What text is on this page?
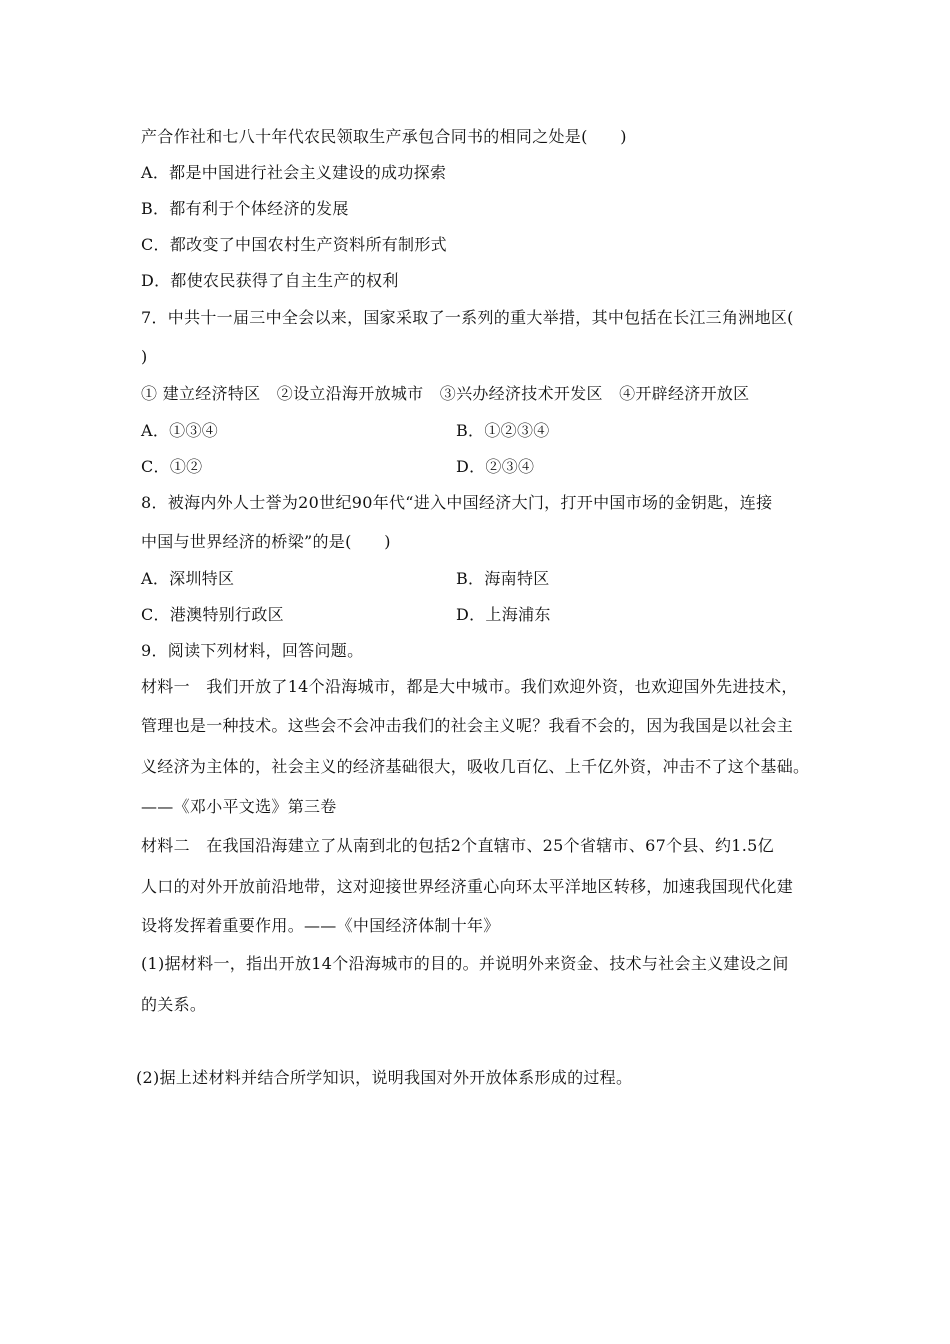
产合作社和七八十年代农民领取生产承包合同书的相同之处是(　　)
A．都是中国进行社会主义建设的成功探索
B．都有利于个体经济的发展
C．都改变了中国农村生产资料所有制形式
D．都使农民获得了自主生产的权利
7．中共十一届三中全会以来，国家采取了一系列的重大举措，其中包括在长江三角洲地区(
)
① 建立经济特区　②设立沿海开放城市　③兴办经济技术开发区　④开辟经济开放区
A．①③④	B．①②③④
C．①②	D．②③④
8．被海内外人士誉为20世纪90年代“进入中国经济大门，打开中国市场的金钥匙，连接
中国与世界经济的桥梁”的是(　　)
A．深圳特区	B．海南特区
C．港澳特别行政区	D．上海浦东
9．阅读下列材料，回答问题。
材料一　我们开放了14个沿海城市，都是大中城市。我们欢迎外资，也欢迎国外先进技术，
管理也是一种技术。这些会不会冲击我们的社会主义呢？我看不会的，因为我国是以社会主
义经济为主体的，社会主义的经济基础很大，吸收几百亿、上千亿外资，冲击不了这个基础。
——《邓小平文选》第三卷
材料二　在我国沿海建立了从南到北的包括2个直辖市、25个省辖市、67个县、约1.5亿
人口的对外开放前沿地带，这对迎接世界经济重心向环太平洋地区转移，加速我国现代化建
设将发挥着重要作用。——《中国经济体制十年》
(1)据材料一，指出开放14个沿海城市的目的。并说明外来资金、技术与社会主义建设之间
的关系。
(2)据上述材料并结合所学知识，说明我国对外开放体系形成的过程。
